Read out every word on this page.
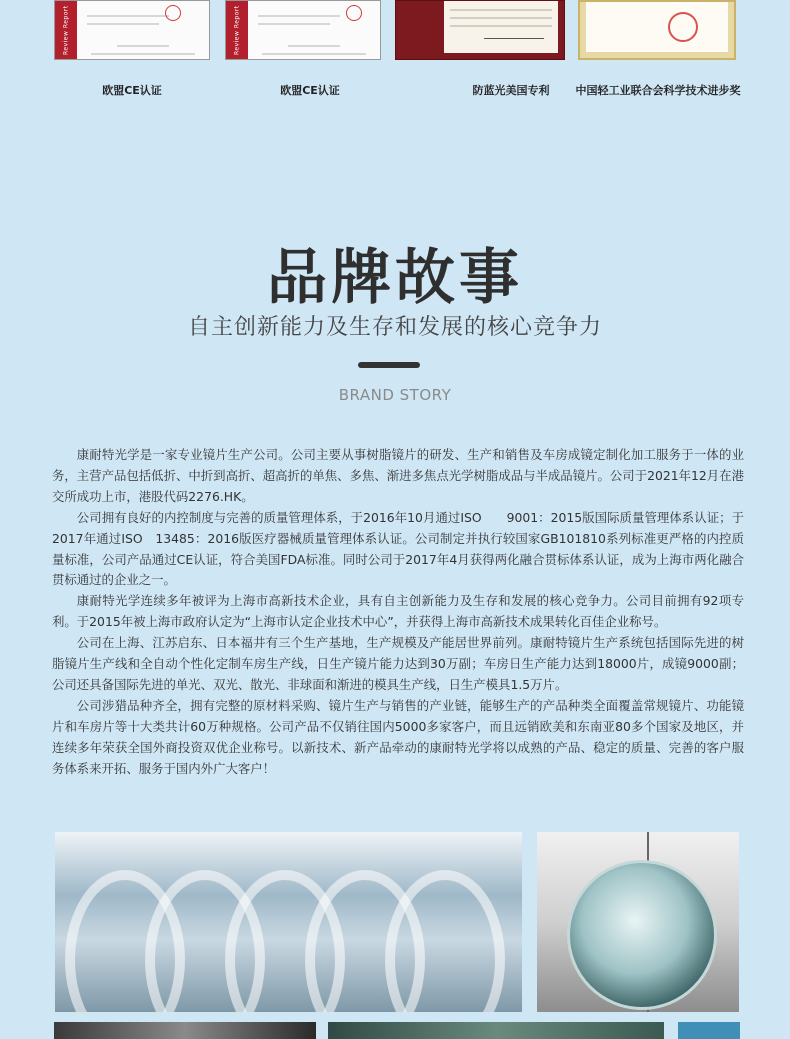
Review Report	Review Report
欧盟CE认证	欧盟CE认证	防蓝光美国专利	中国轻工业联合会科学技术进步奖
品牌故事
自主创新能力及生存和发展的核心竞争力
BRAND STORY

康耐特光学是一家专业镜片生产公司。公司主要从事树脂镜片的研发、生产和销售及车房成镜定制化加工服务于一体的业务，主营产品包括低折、中折到高折、超高折的单焦、多焦、渐进多焦点光学树脂成品与半成品镜片。公司于2021年12月在港交所成功上市，港股代码2276.HK。

公司拥有良好的内控制度与完善的质量管理体系，于2016年10月通过ISO　　9001：2015版国际质量管理体系认证；于2017年通过ISO　13485：2016版医疗器械质量管理体系认证。公司制定并执行较国家GB101810系列标准更严格的内控质量标准，公司产品通过CE认证，符合美国FDA标准。同时公司于2017年4月获得两化融合贯标体系认证，成为上海市两化融合贯标通过的企业之一。

康耐特光学连续多年被评为上海市高新技术企业，具有自主创新能力及生存和发展的核心竞争力。公司目前拥有92项专利。于2015年被上海市政府认定为“上海市认定企业技术中心”，并获得上海市高新技术成果转化百佳企业称号。

公司在上海、江苏启东、日本福井有三个生产基地，生产规模及产能居世界前列。康耐特镜片生产系统包括国际先进的树脂镜片生产线和全自动个性化定制车房生产线，日生产镜片能力达到30万副；车房日生产能力达到18000片，成镜9000副；公司还具备国际先进的单光、双光、散光、非球面和渐进的模具生产线，日生产模具1.5万片。

公司涉猎品种齐全，拥有完整的原材料采购、镜片生产与销售的产业链，能够生产的产品种类全面覆盖常规镜片、功能镜片和车房片等十大类共计60万种规格。公司产品不仅销往国内5000多家客户，而且远销欧美和东南亚80多个国家及地区，并连续多年荣获全国外商投资双优企业称号。以新技术、新产品牵动的康耐特光学将以成熟的产品、稳定的质量、完善的客户服务体系来开拓、服务于国内外广大客户！
